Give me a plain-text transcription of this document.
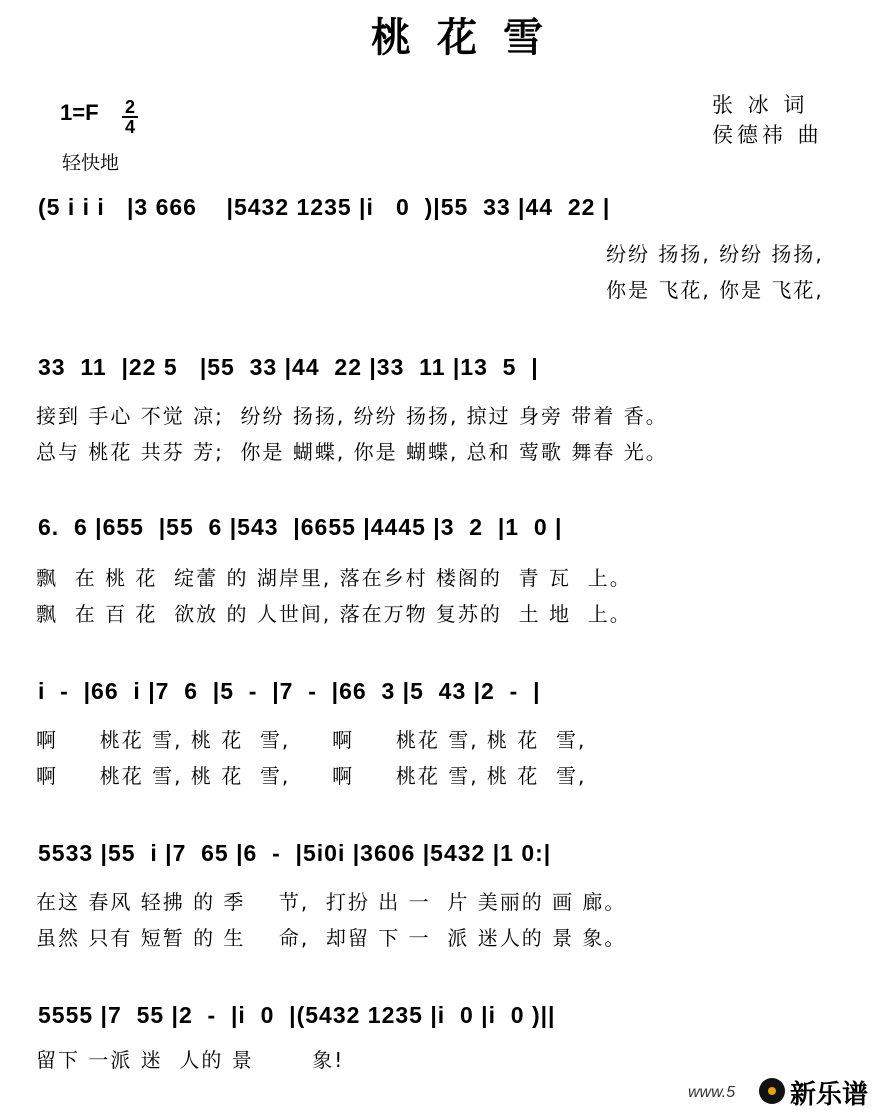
桃花雪
1=F 2
4
轻快地
张 冰 词
侯德祎 曲
(5 i i i   |3 666    |5432 1235 |i   0  )|55  33 |44  22 |
纷纷 扬扬, 纷纷 扬扬,
你是 飞花, 你是 飞花,
33  11  |22 5   |55  33 |44  22 |33  11 |13  5  |
接到 手心 不觉 凉;  纷纷 扬扬, 纷纷 扬扬, 掠过 身旁 带着 香。
总与 桃花 共芬 芳;  你是 蝴蝶, 你是 蝴蝶, 总和 莺歌 舞春 光。
6.  6 |655  |55  6 |543  |6655 |4445 |3  2  |1  0 |
飘  在 桃 花  绽蕾 的 湖岸里, 落在乡村 楼阁的  青 瓦  上。
飘  在 百 花  欲放 的 人世间, 落在万物 复苏的  土 地  上。
i  -  |66  i |7  6  |5  -  |7  -  |66  3 |5  43 |2  -  |
啊     桃花 雪, 桃 花  雪,     啊     桃花 雪, 桃 花  雪,
啊     桃花 雪, 桃 花  雪,     啊     桃花 雪, 桃 花  雪,
5533 |55  i |7  65 |6  -  |5i0i |3606 |5432 |1 0:|
在这 春风 轻拂 的 季    节,  打扮 出 一  片 美丽的 画 廊。
虽然 只有 短暂 的 生    命,  却留 下 一  派 迷人的 景 象。
5555 |7  55 |2  -  |i  0  |(5432 1235 |i  0 |i  0 )||
留下 一派 迷  人的 景       象!
www.5 新乐谱
